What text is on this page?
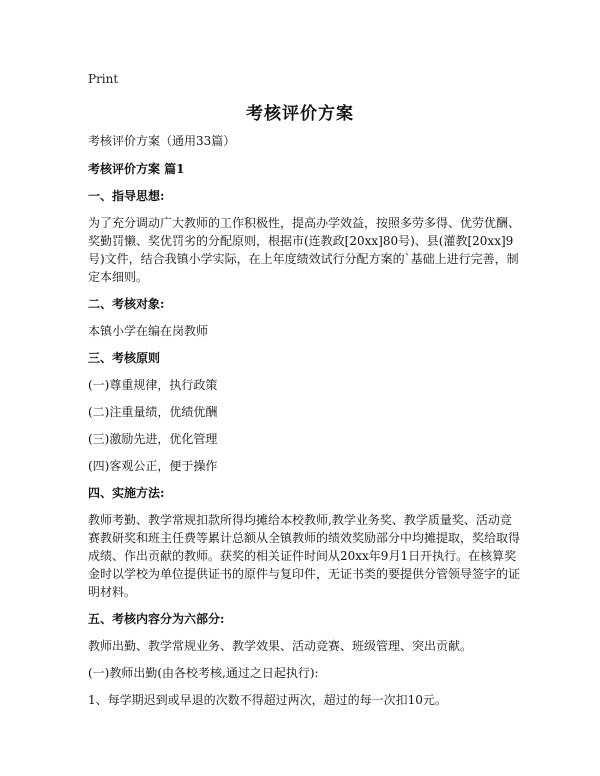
Print
考核评价方案

考核评价方案（通用33篇）

考核评价方案 篇1

一、指导思想:

为了充分调动广大教师的工作积极性，提高办学效益，按照多劳多得、优劳优酬、奖勤罚懒、奖优罚劣的分配原则，根据市(连教政[20xx]80号)、县(灌教[20xx]9号)文件，结合我镇小学实际，在上年度绩效试行分配方案的`基础上进行完善，制定本细则。

二、考核对象:

本镇小学在编在岗教师

三、考核原则

(一)尊重规律，执行政策

(二)注重量绩，优绩优酬

(三)激励先进，优化管理

(四)客观公正，便于操作

四、实施方法:

教师考勤、教学常规扣款所得均摊给本校教师,教学业务奖、教学质量奖、活动竞赛教研奖和班主任费等累计总额从全镇教师的绩效奖励部分中均摊提取，奖给取得成绩、作出贡献的教师。获奖的相关证件时间从20xx年9月1日开执行。在核算奖金时以学校为单位提供证书的原件与复印件，无证书类的要提供分管领导签字的证明材料。

五、考核内容分为六部分:

教师出勤、教学常规业务、教学效果、活动竞赛、班级管理、突出贡献。

(一)教师出勤(由各校考核,通过之日起执行):

1、每学期迟到或早退的次数不得超过两次，超过的每一次扣10元。
